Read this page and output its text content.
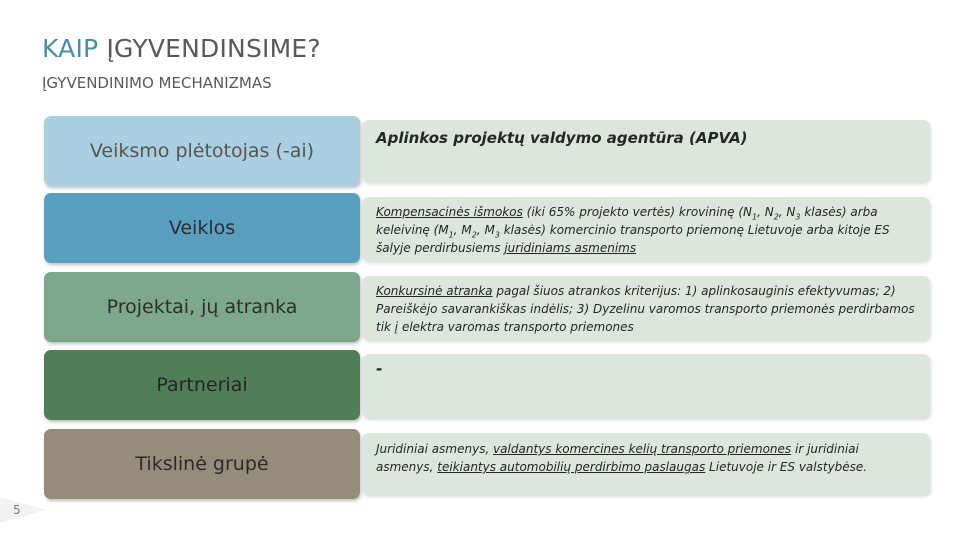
KAIP ĮGYVENDINSIME?
ĮGYVENDINIMO MECHANIZMAS
Veiksmo plėtotojas (-ai)
Aplinkos projektų valdymo agentūra (APVA)
Veiklos
Kompensacinės išmokos (iki 65% projekto vertės) krovininę ($N_1$, $N_2$, $N_3$ klasės) arba keleivinę ($M_1$, $M_2$, $M_3$ klasės) komercinio transporto priemonę Lietuvoje arba kitoje ES šalyje perdirbusiems juridiniams asmenims
Projektai, jų atranka
Konkursinė atranka pagal šiuos atrankos kriterijus: 1) aplinkosauginis efektyvumas; 2) Pareiškėjo savarankiškas indėlis; 3) Dyzelinu varomos transporto priemonės perdirbamos tik į elektra varomas transporto priemones
Partneriai
-
Tikslinė grupė
Juridiniai asmenys, valdantys komercines kelių transporto priemones ir juridiniai asmenys, teikiantys automobilių perdirbimo paslaugas Lietuvoje ir ES valstybėse.
5
